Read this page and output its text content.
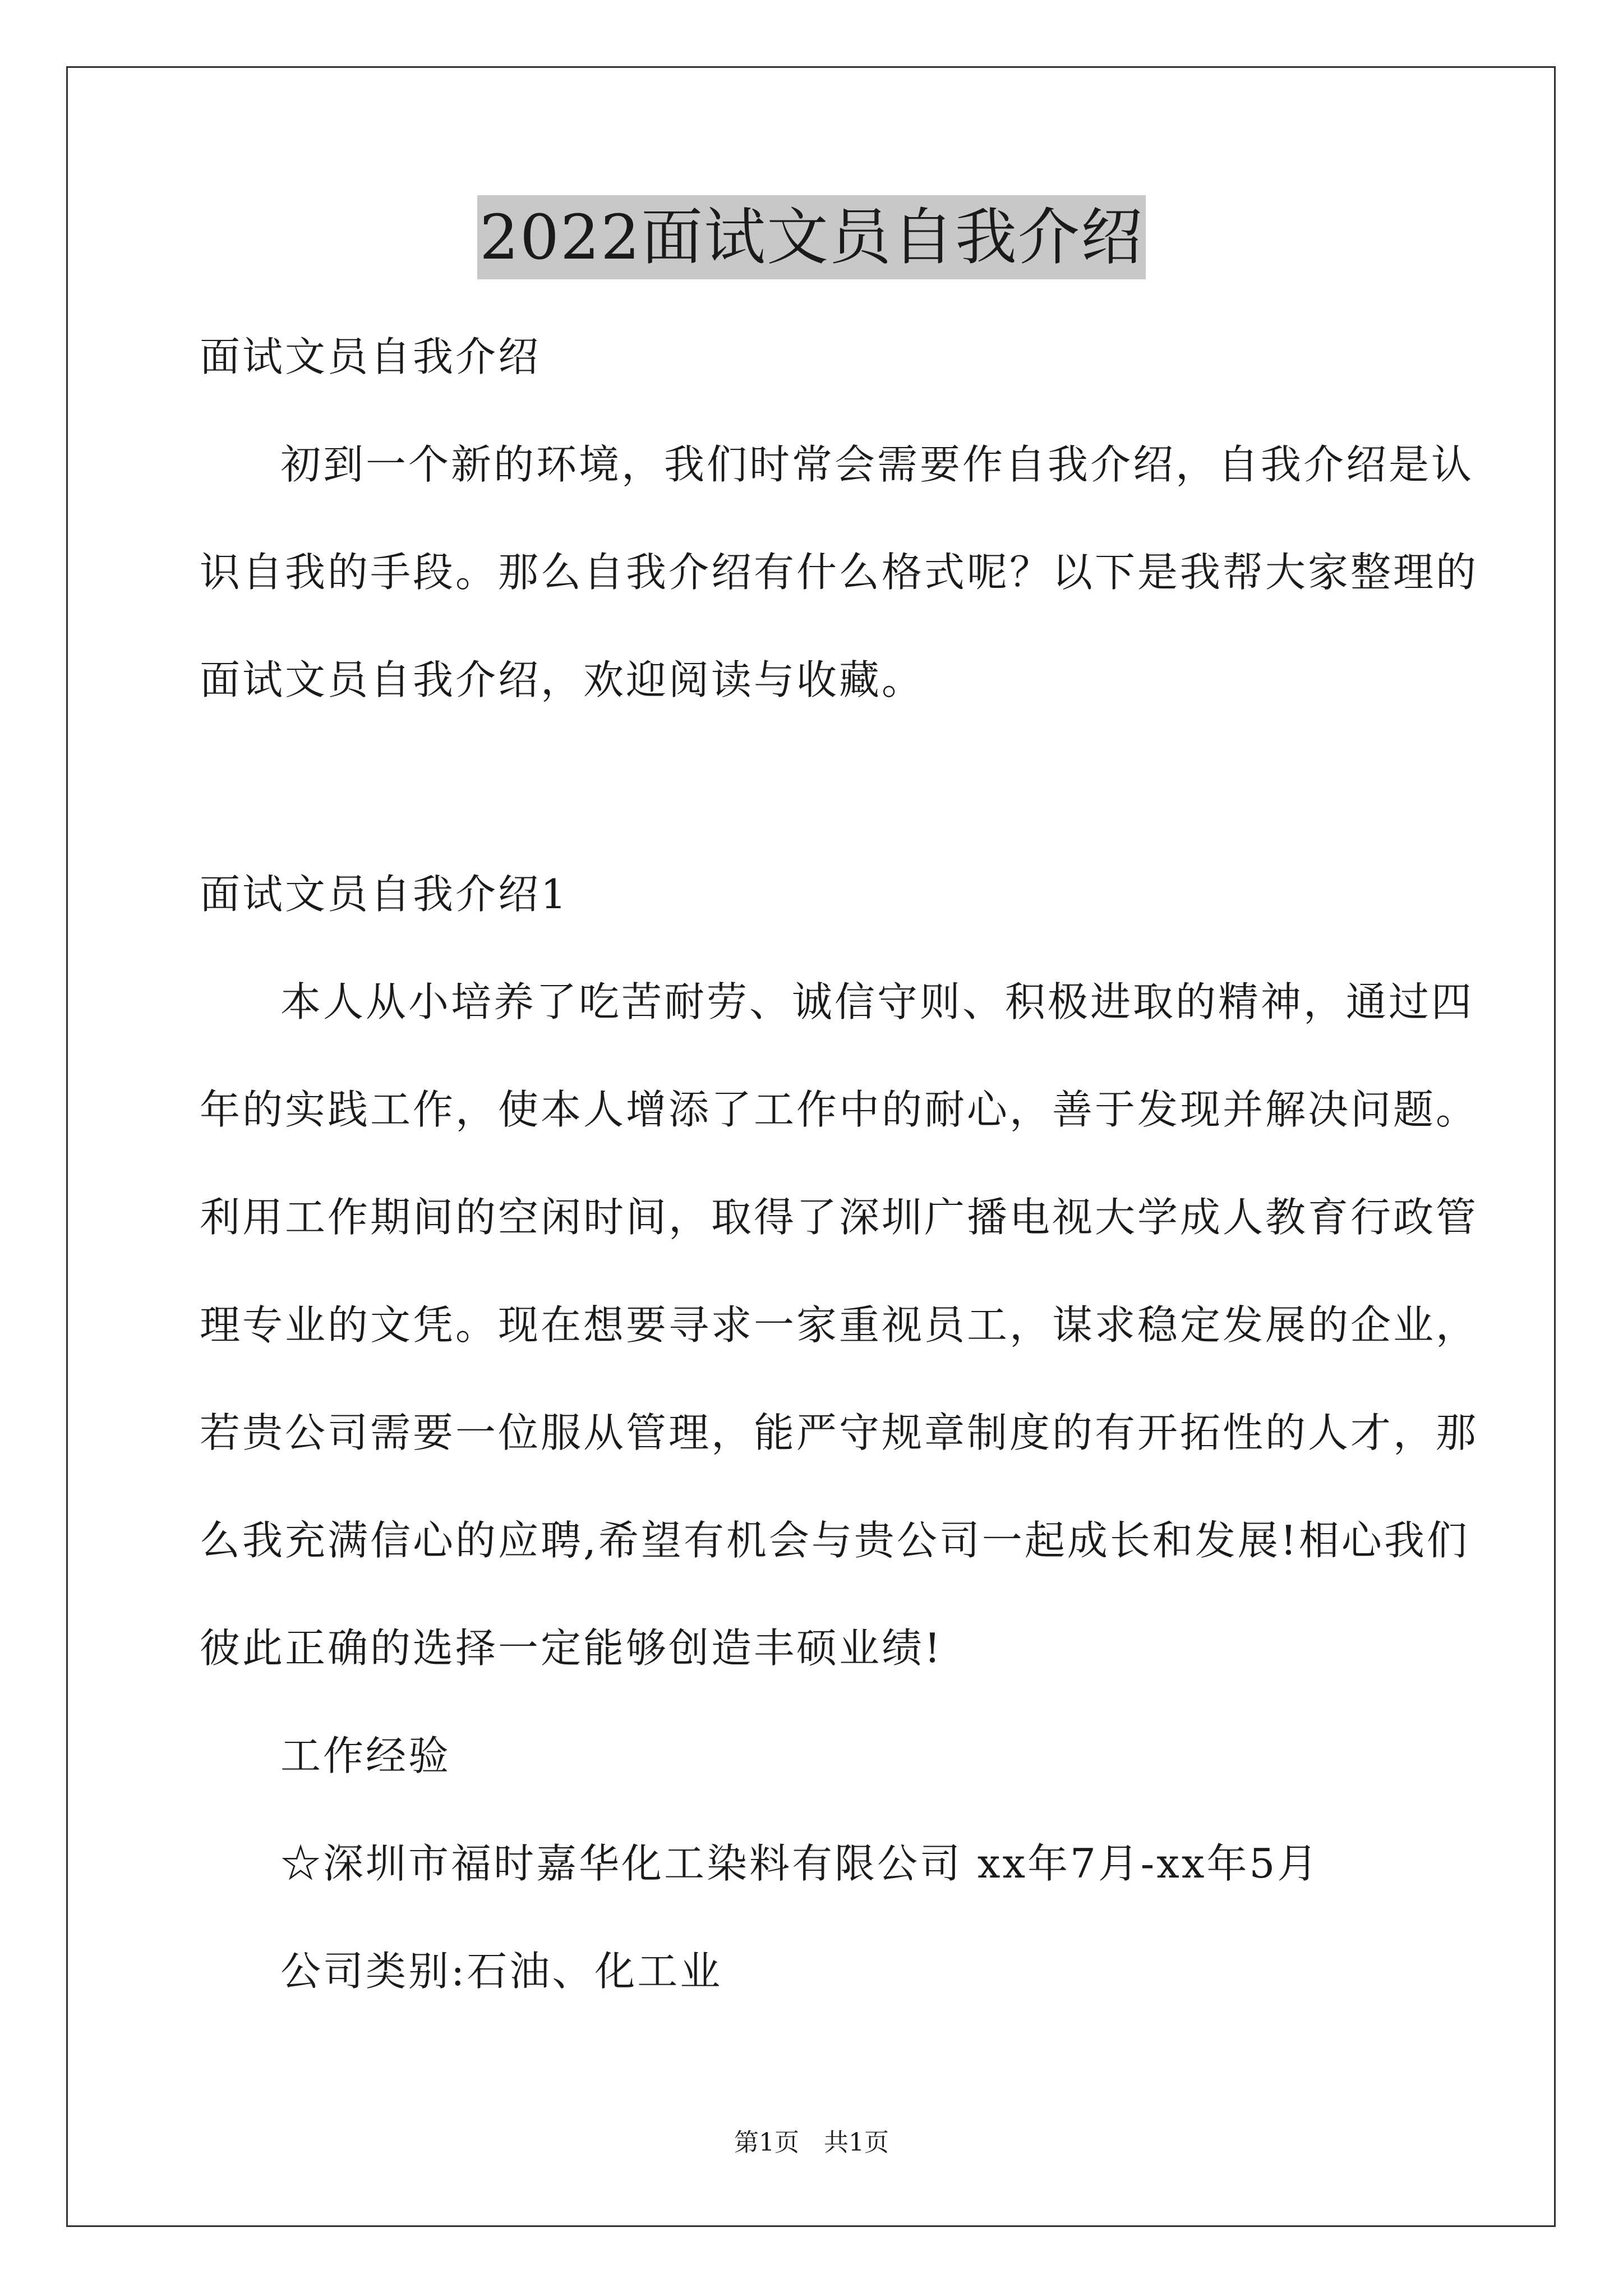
2022面试文员自我介绍
面试文员自我介绍
初到一个新的环境，我们时常会需要作自我介绍，自我介绍是认
识自我的手段。那么自我介绍有什么格式呢？以下是我帮大家整理的
面试文员自我介绍，欢迎阅读与收藏。
面试文员自我介绍1
本人从小培养了吃苦耐劳、诚信守则、积极进取的精神，通过四
年的实践工作，使本人增添了工作中的耐心，善于发现并解决问题。
利用工作期间的空闲时间，取得了深圳广播电视大学成人教育行政管
理专业的文凭。现在想要寻求一家重视员工，谋求稳定发展的企业，
若贵公司需要一位服从管理，能严守规章制度的有开拓性的人才，那
么我充满信心的应聘,希望有机会与贵公司一起成长和发展!相心我们
彼此正确的选择一定能够创造丰硕业绩!
工作经验
☆深圳市福时嘉华化工染料有限公司 xx年7月-xx年5月
公司类别:石油、化工业
第1页 共1页
